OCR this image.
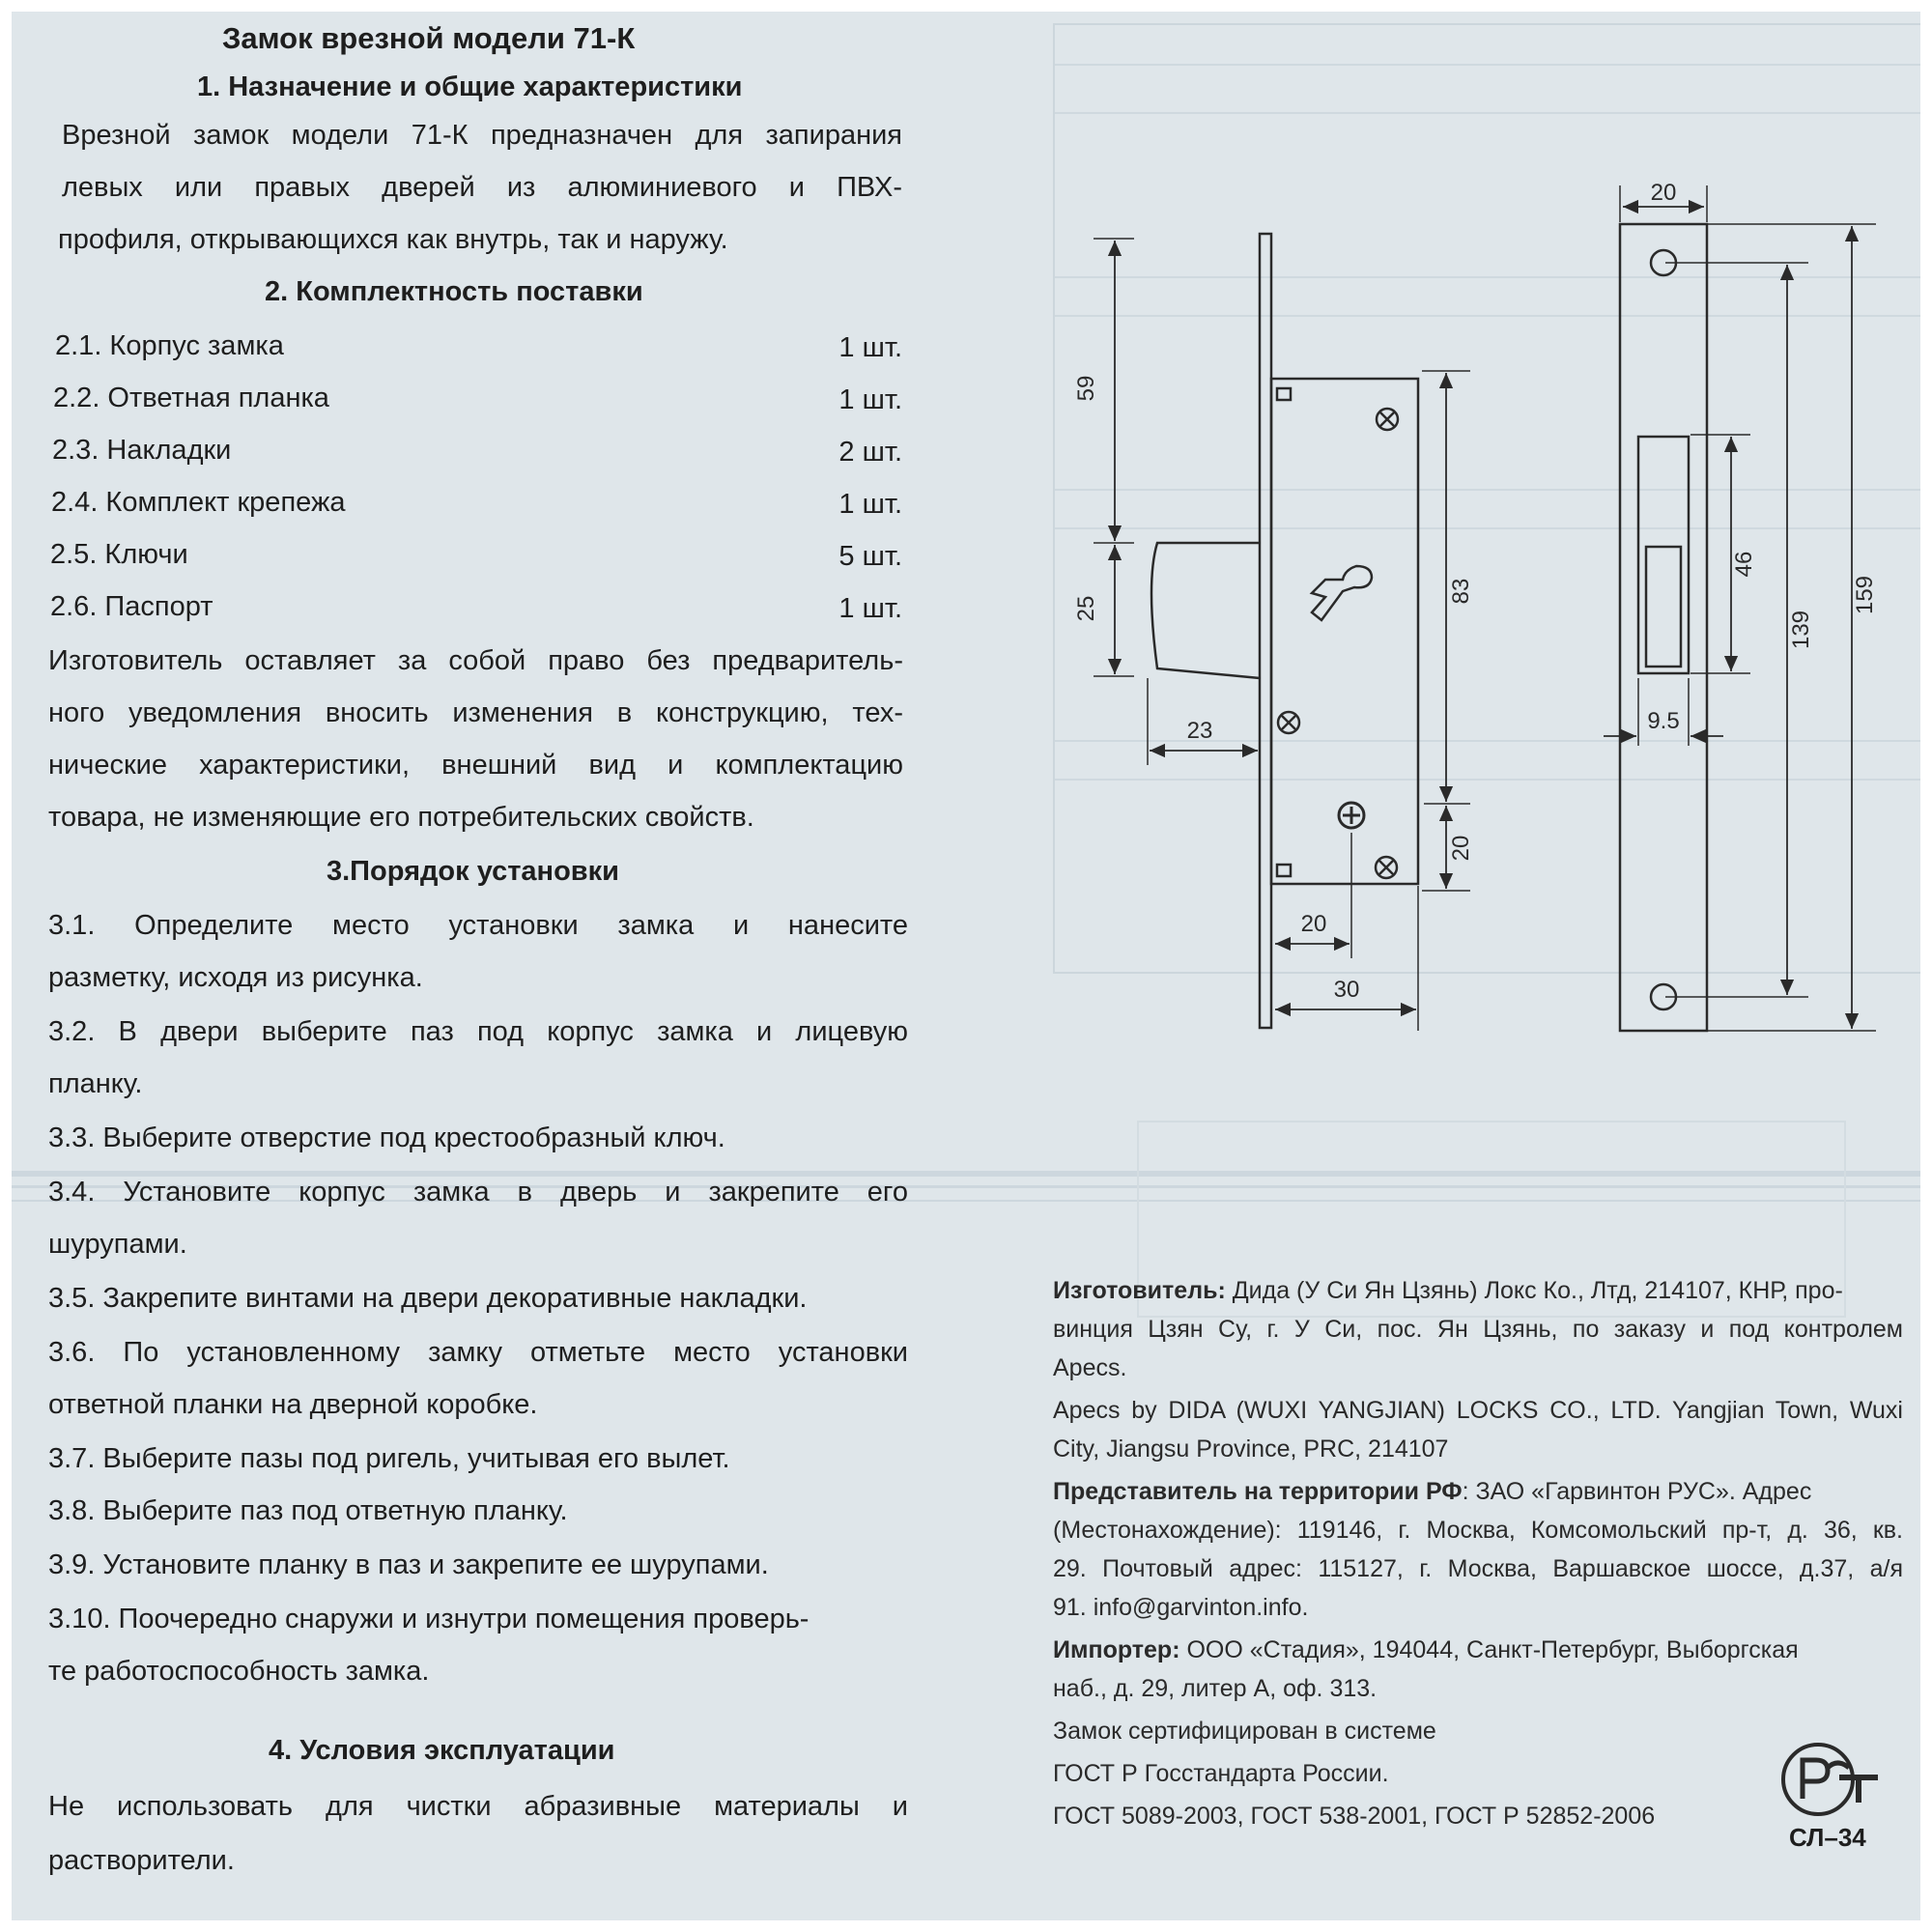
Замок врезной модели 71-К
1. Назначение и общие характеристики
Врезной замок модели 71-К предназначен для запирания
левых или правых дверей из алюминиевого и ПВХ-
профиля, открывающихся как внутрь, так и наружу.
2. Комплектность поставки
2.1. Корпус замка	1 шт.
2.2. Ответная планка	1 шт.
2.3. Накладки	2 шт.
2.4. Комплект крепежа	1 шт.
2.5. Ключи	5 шт.
2.6. Паспорт	1 шт.
Изготовитель оставляет за собой право без предваритель-
ного уведомления вносить изменения в конструкцию, тех-
нические характеристики, внешний вид и комплектацию
товара, не изменяющие его потребительских свойств.
3.Порядок установки
3.1. Определите место установки замка и нанесите
разметку, исходя из рисунка.
3.2. В двери выберите паз под корпус замка и лицевую
планку.
3.3. Выберите отверстие под крестообразный ключ.
3.4. Установите корпус замка в дверь и закрепите его
шурупами.
3.5. Закрепите винтами на двери декоративные накладки.
3.6. По установленному замку отметьте место установки
ответной планки на дверной коробке.
3.7. Выберите пазы под ригель, учитывая его вылет.
3.8. Выберите паз под ответную планку.
3.9. Установите планку в паз и закрепите ее шурупами.
3.10. Поочередно снаружи и изнутри помещения проверь-
те работоспособность замка.
4. Условия эксплуатации
Не использовать для чистки абразивные материалы и
растворители.
59
25
23
83
20
20
30
20
46
139
159
9.5
Изготовитель: Дида (У Си Ян Цзянь) Локс Ко., Лтд, 214107, КНР, про-
винция Цзян Су, г. У Си, пос. Ян Цзянь, по заказу и под контролем
Apecs.
Apecs by DIDA (WUXI YANGJIAN) LOCKS CO., LTD. Yangjian Town, Wuxi
City, Jiangsu Province, PRC, 214107
Представитель на территории РФ: ЗАО «Гарвинтон РУС». Адрес
(Местонахождение): 119146, г. Москва, Комсомольский пр-т, д. 36, кв.
29. Почтовый адрес: 115127, г. Москва, Варшавское шоссе, д.37, а/я
91. info@garvinton.info.
Импортер: ООО «Стадия», 194044, Санкт-Петербург, Выборгская
наб., д. 29, литер А, оф. 313.
Замок сертифицирован в системе
ГОСТ Р Госстандарта России.
ГОСТ 5089-2003, ГОСТ 538-2001, ГОСТ Р 52852-2006
СЛ–34
